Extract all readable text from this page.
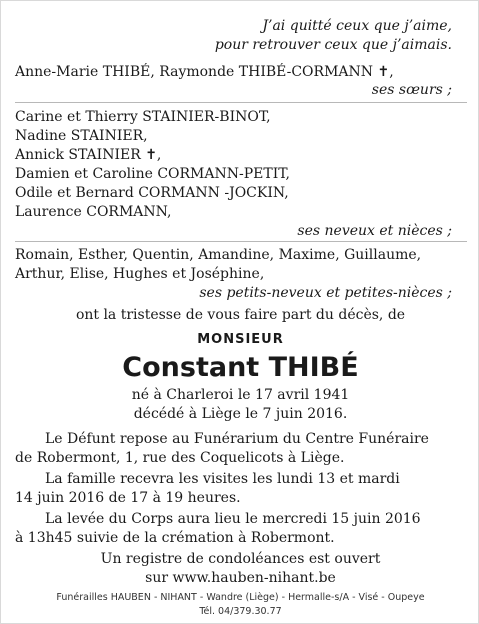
J’ai quitté ceux que j’aime,
pour retrouver ceux que j’aimais.
Anne-Marie THIBÉ, Raymonde THIBÉ-CORMANN ✝,
ses sœurs ;
Carine et Thierry STAINIER-BINOT,
Nadine STAINIER,
Annick STAINIER ✝,
Damien et Caroline CORMANN-PETIT,
Odile et Bernard CORMANN -JOCKIN,
Laurence CORMANN,
ses neveux et nièces ;
Romain, Esther, Quentin, Amandine, Maxime, Guillaume,
Arthur, Elise, Hughes et Joséphine,
ses petits-neveux et petites-nièces ;
ont la tristesse de vous faire part du décès, de
MONSIEUR
Constant THIBÉ
né à Charleroi le 17 avril 1941
décédé à Liège le 7 juin 2016.
Le Défunt repose au Funérarium du Centre Funéraire
de Robermont, 1, rue des Coquelicots à Liège.
La famille recevra les visites les lundi 13 et mardi
14 juin 2016 de 17 à 19 heures.
La levée du Corps aura lieu le mercredi 15 juin 2016
à 13h45 suivie de la crémation à Robermont.
Un registre de condoléances est ouvert
sur www.hauben-nihant.be
Funérailles HAUBEN - NIHANT - Wandre (Liège) - Hermalle-s/A - Visé - Oupeye
Tél. 04/379.30.77
